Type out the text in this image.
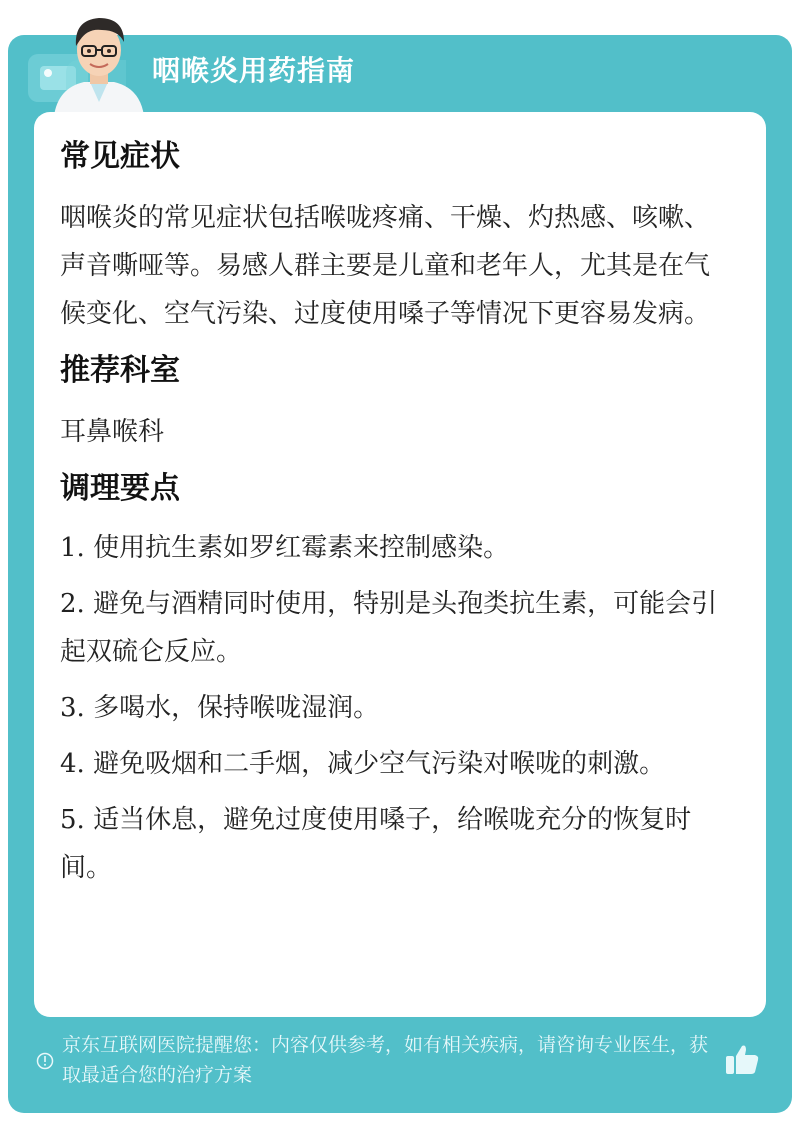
咽喉炎用药指南
常见症状

咽喉炎的常见症状包括喉咙疼痛、干燥、灼热感、咳嗽、声音嘶哑等。易感人群主要是儿童和老年人，尤其是在气候变化、空气污染、过度使用嗓子等情况下更容易发病。

推荐科室

耳鼻喉科

调理要点
1. 使用抗生素如罗红霉素来控制感染。
2. 避免与酒精同时使用，特别是头孢类抗生素，可能会引起双硫仑反应。
3. 多喝水，保持喉咙湿润。
4. 避免吸烟和二手烟，减少空气污染对喉咙的刺激。
5. 适当休息，避免过度使用嗓子，给喉咙充分的恢复时间。
京东互联网医院提醒您：内容仅供参考，如有相关疾病，请咨询专业医生，获取最适合您的治疗方案
